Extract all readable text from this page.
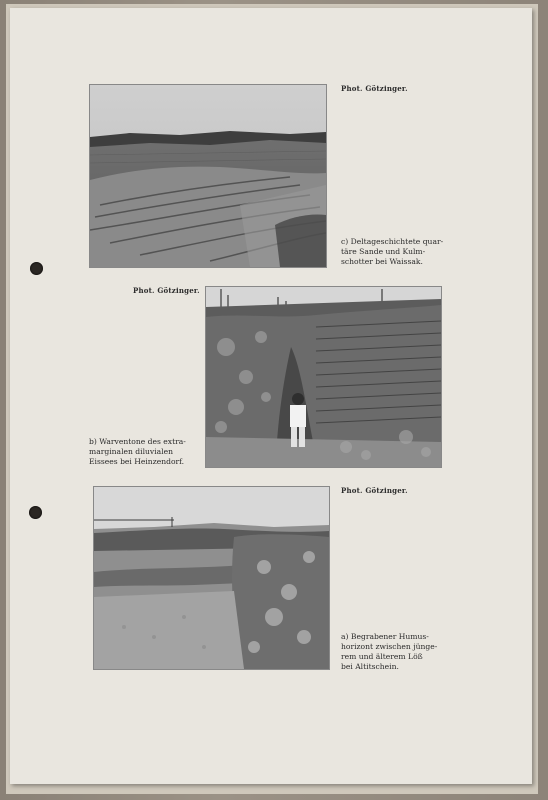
Phot. Götzinger.

c) Deltageschichtete quar-
täre Sande und Kulm-
schotter bei Waissak.

Phot. Götzinger.

b) Warventone des extra-
marginalen diluvialen
Eissees bei Heinzendorf.

Phot. Götzinger.

a) Begrabener Humus-
horizont zwischen jünge-
rem und älterem Löß
bei Altitschein.
